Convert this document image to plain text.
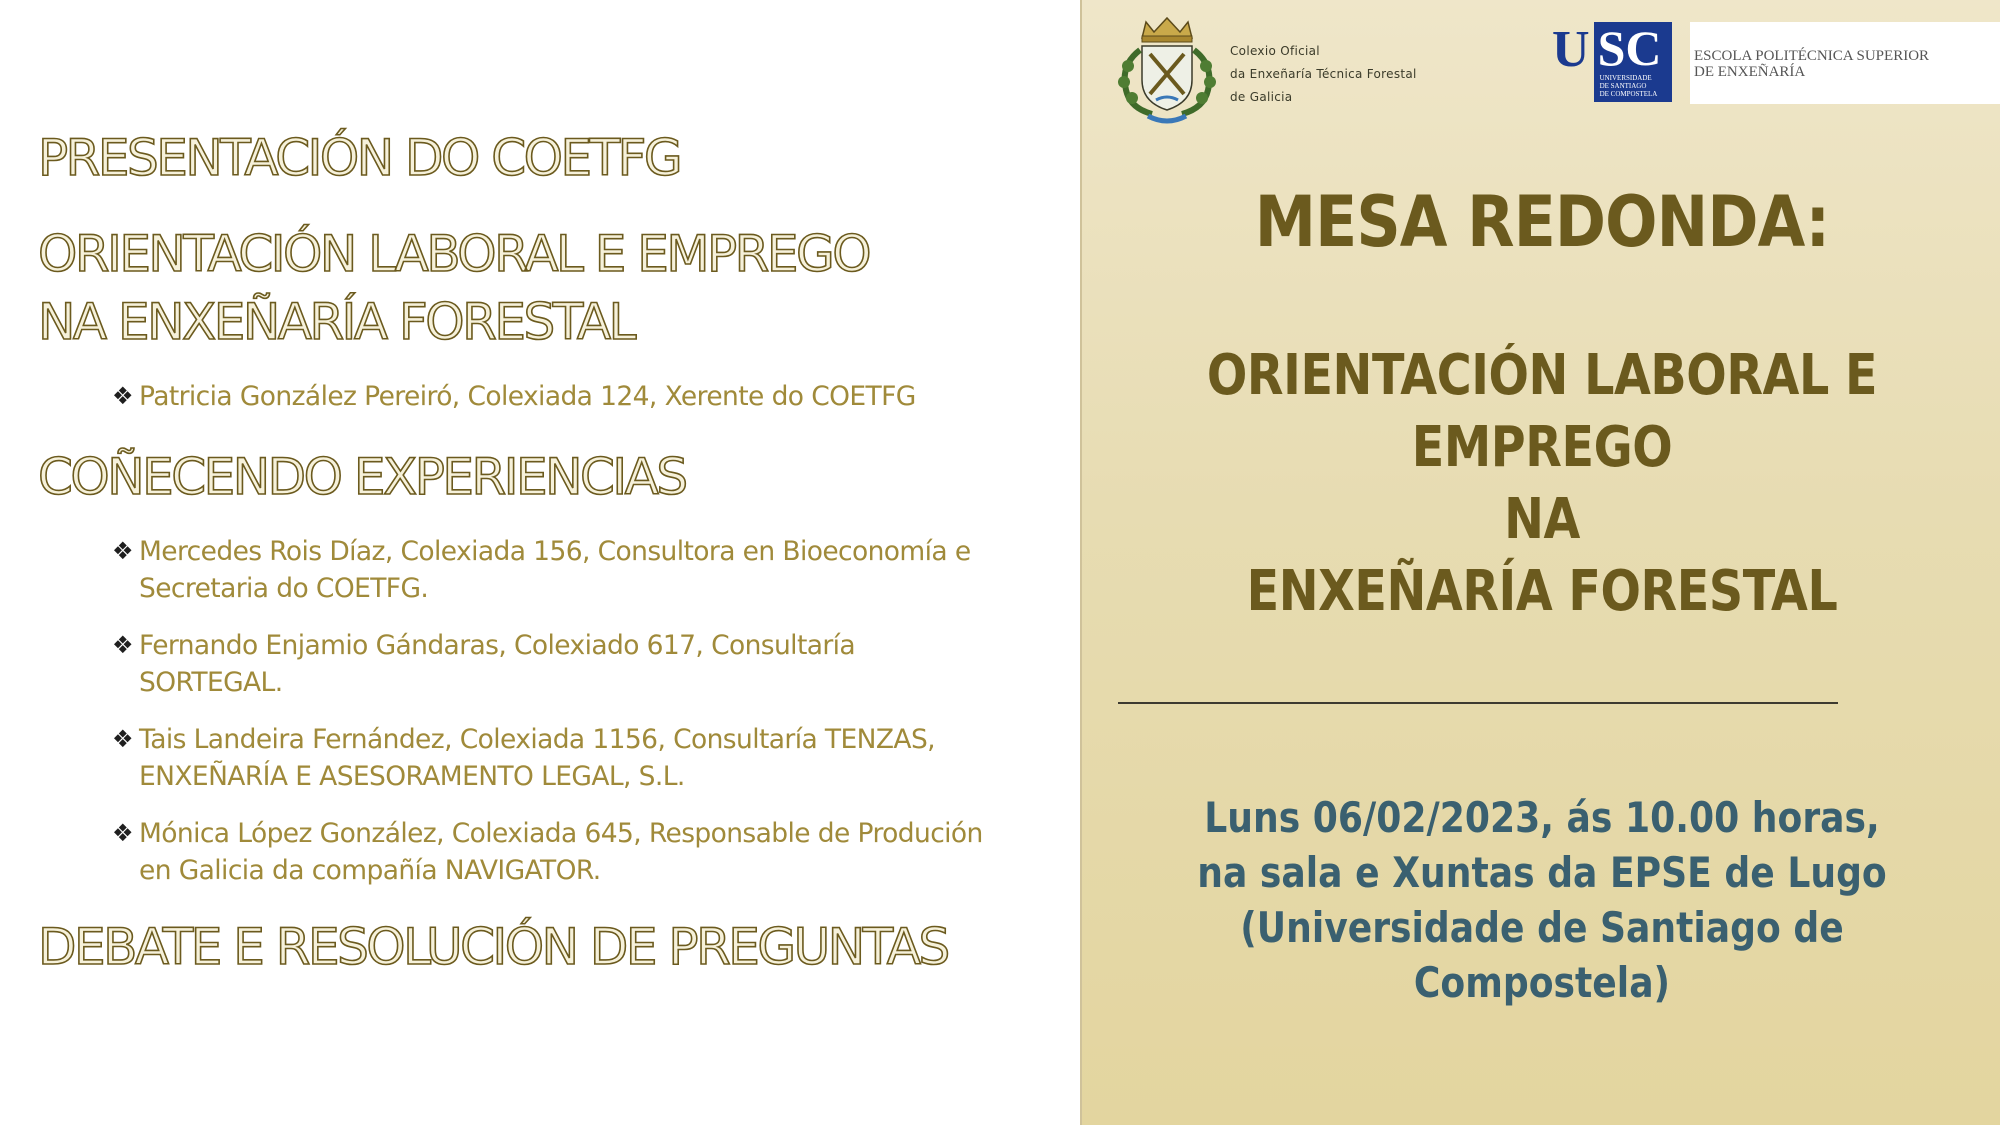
PRESENTACIÓN DO COETFG
ORIENTACIÓN LABORAL E EMPREGO
NA ENXEÑARÍA FORESTAL
❖ Patricia González Pereiró, Colexiada 124, Xerente do COETFG
COÑECENDO EXPERIENCIAS
❖ Mercedes Rois Díaz, Colexiada 156, Consultora en Bioeconomía e
Secretaria do COETFG.
❖ Fernando Enjamio Gándaras, Colexiado 617, Consultaría
SORTEGAL.
❖ Tais Landeira Fernández, Colexiada 1156, Consultaría TENZAS,
ENXEÑARÍA E ASESORAMENTO LEGAL, S.L.
❖ Mónica López González, Colexiada 645, Responsable de Produción
en Galicia da compañía NAVIGATOR.
DEBATE E RESOLUCIÓN DE PREGUNTAS
Colexio Oficial
da Enxeñaría Técnica Forestal
de Galicia
U SC
UNIVERSIDADE
DE SANTIAGO
DE COMPOSTELA
ESCOLA POLITÉCNICA SUPERIOR
DE ENXEÑARÍA
MESA REDONDA:
ORIENTACIÓN LABORAL E
EMPREGO
NA
ENXEÑARÍA FORESTAL

Luns 06/02/2023, ás 10.00 horas,
na sala e Xuntas da EPSE de Lugo
(Universidade de Santiago de Compostela)
